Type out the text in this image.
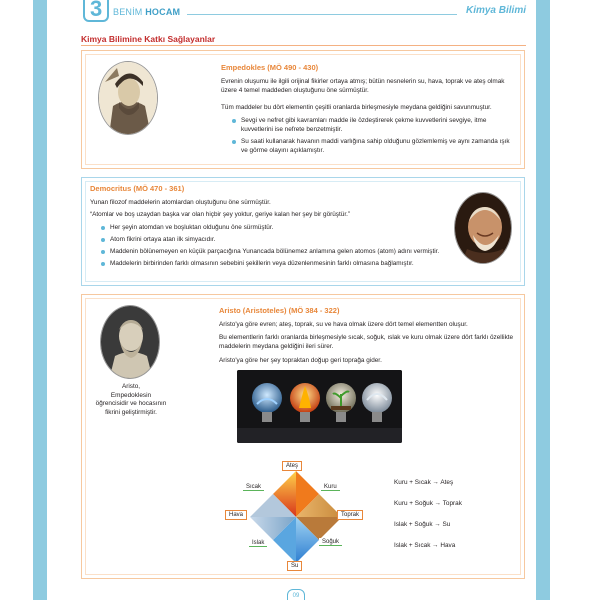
3 BENİM HOCAM	Kimya Bilimi
Kimya Bilimine Katkı Sağlayanlar
Empedokles (MÖ 490 - 430)
Evrenin oluşumu ile ilgili orijinal fikirler ortaya atmış; bütün nesnelerin su, hava, toprak ve ateş olmak üzere 4 temel maddeden oluştuğunu öne sürmüştür.
Tüm maddeler bu dört elementin çeşitli oranlarda birleşmesiyle meydana geldiğini savunmuştur.
Sevgi ve nefret gibi kavramları madde ile özdeştirerek çekme kuvvetlerini sevgiye, itme kuvvetlerini ise nefrete benzetmiştir.
Su saati kullanarak havanın maddi varlığına sahip olduğunu gözlemlemiş ve aynı zamanda ışık ve görme olayını açıklamıştır.
Democritus (MÖ 470 - 361)
Yunan filozof maddelerin atomlardan oluştuğunu öne sürmüştür.
“Atomlar ve boş uzaydan başka var olan hiçbir şey yoktur, geriye kalan her şey bir görüştür.”
Her şeyin atomdan ve boşluktan olduğunu öne sürmüştür.
Atom fikrini ortaya atan ilk simyacıdır.
Maddenin bölünemeyen en küçük parçacığına Yunancada bölünemez anlamına gelen atomos (atom) adını vermiştir.
Maddelerin birbirinden farklı olmasının sebebini şekillerin veya düzenlenmesinin farklı olmasına bağlamıştır.
Aristo,
Empedoklesin
öğrencisidir ve hocasının
fikrini geliştirmiştir.
Aristo (Aristoteles) (MÖ 384 - 322)
Aristo'ya göre evren; ateş, toprak, su ve hava olmak üzere dört temel elementten oluşur.
Bu elementlerin farklı oranlarda birleşmesiyle sıcak, soğuk, ıslak ve kuru olmak üzere dört farklı özellikte maddelerin meydana geldiğini ileri sürer.
Aristo'ya göre her şey topraktan doğup geri toprağa gider.
Ateş
Hava	Toprak
Su
Sıcak	Kuru
Islak	Soğuk
Kuru + Sıcak → Ateş
Kuru + Soğuk → Toprak
Islak + Soğuk → Su
Islak + Sıcak → Hava
09
